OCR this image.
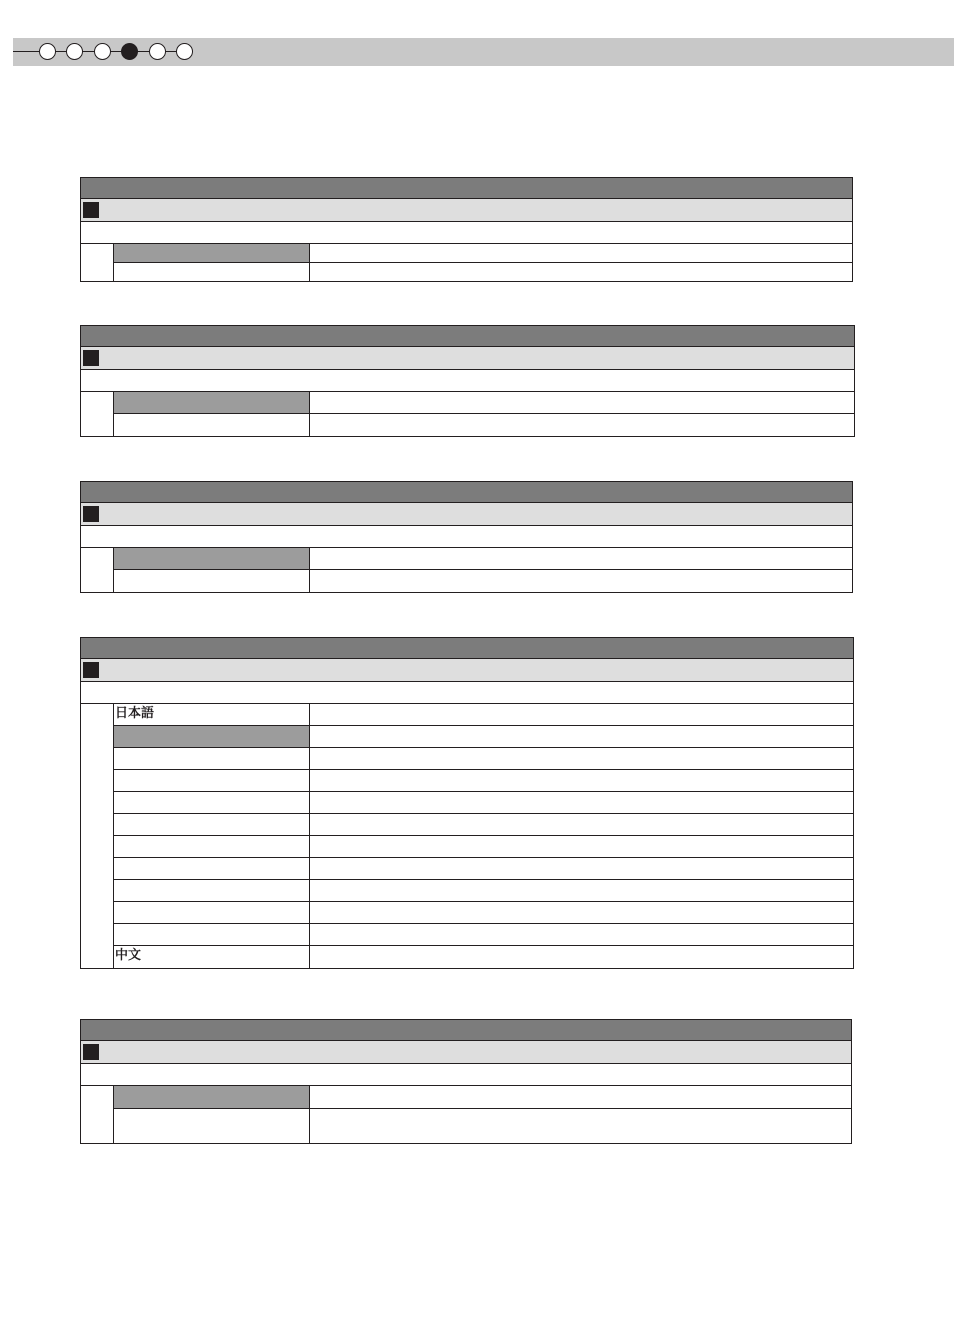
日本語
中文
